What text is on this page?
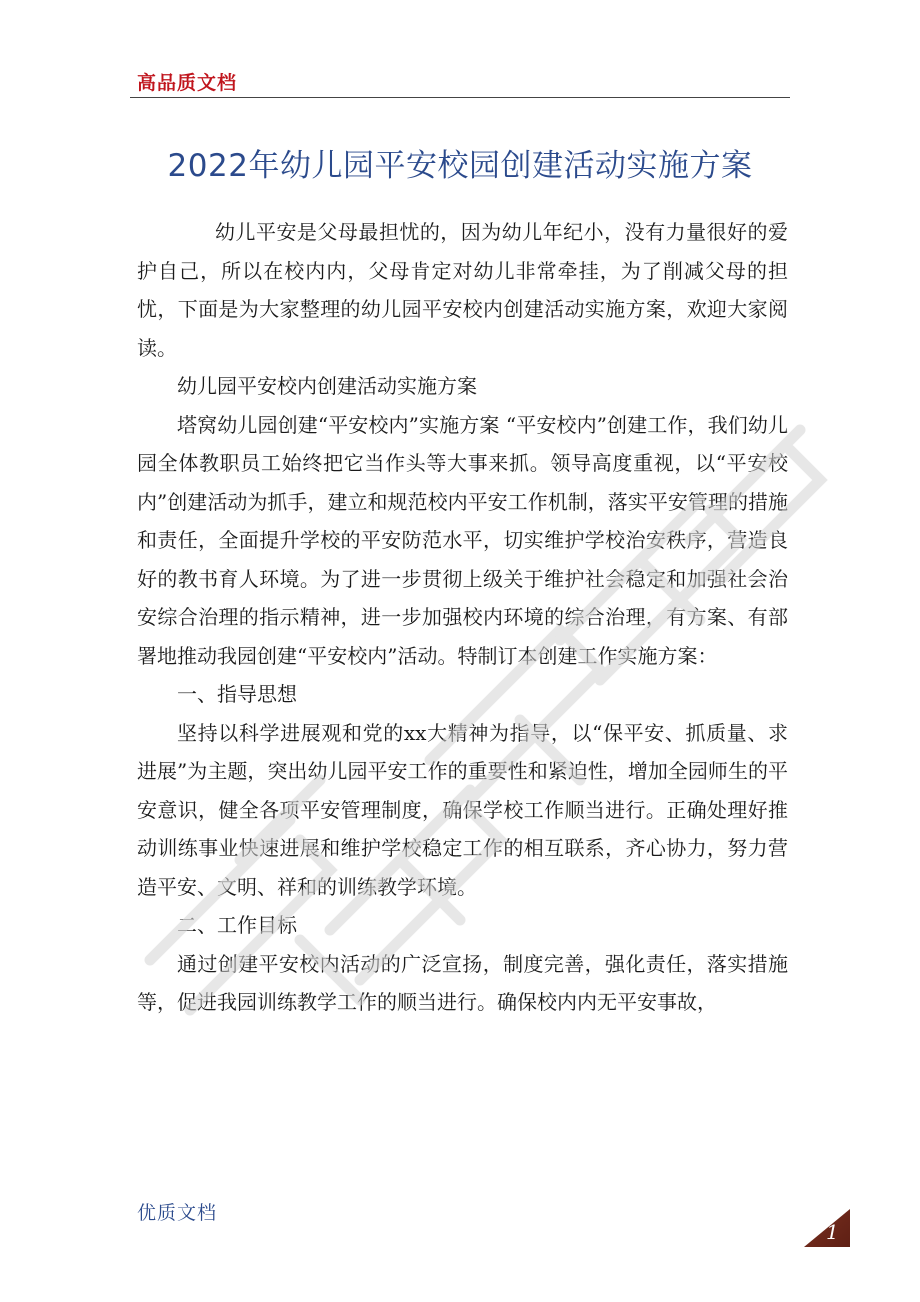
高品质文档
2022年幼儿园平安校园创建活动实施方案

幼儿平安是父母最担忧的，因为幼儿年纪小，没有力量很好的爱护自己，所以在校内内，父母肯定对幼儿非常牵挂，为了削减父母的担忧，下面是为大家整理的幼儿园平安校内创建活动实施方案，欢迎大家阅读。

幼儿园平安校内创建活动实施方案

塔窝幼儿园创建“平安校内”实施方案 “平安校内”创建工作，我们幼儿园全体教职员工始终把它当作头等大事来抓。领导高度重视，以“平安校内”创建活动为抓手，建立和规范校内平安工作机制，落实平安管理的措施和责任，全面提升学校的平安防范水平，切实维护学校治安秩序，营造良好的教书育人环境。为了进一步贯彻上级关于维护社会稳定和加强社会治安综合治理的指示精神，进一步加强校内环境的综合治理，有方案、有部署地推动我园创建“平安校内”活动。特制订本创建工作实施方案：

一、指导思想

坚持以科学进展观和党的xx大精神为指导，以“保平安、抓质量、求进展”为主题，突出幼儿园平安工作的重要性和紧迫性，增加全园师生的平安意识，健全各项平安管理制度，确保学校工作顺当进行。正确处理好推动训练事业快速进展和维护学校稳定工作的相互联系，齐心协力，努力营造平安、文明、祥和的训练教学环境。

二、工作目标

通过创建平安校内活动的广泛宣扬，制度完善，强化责任，落实措施等，促进我园训练教学工作的顺当进行。确保校内内无平安事故，

优质文档
1
